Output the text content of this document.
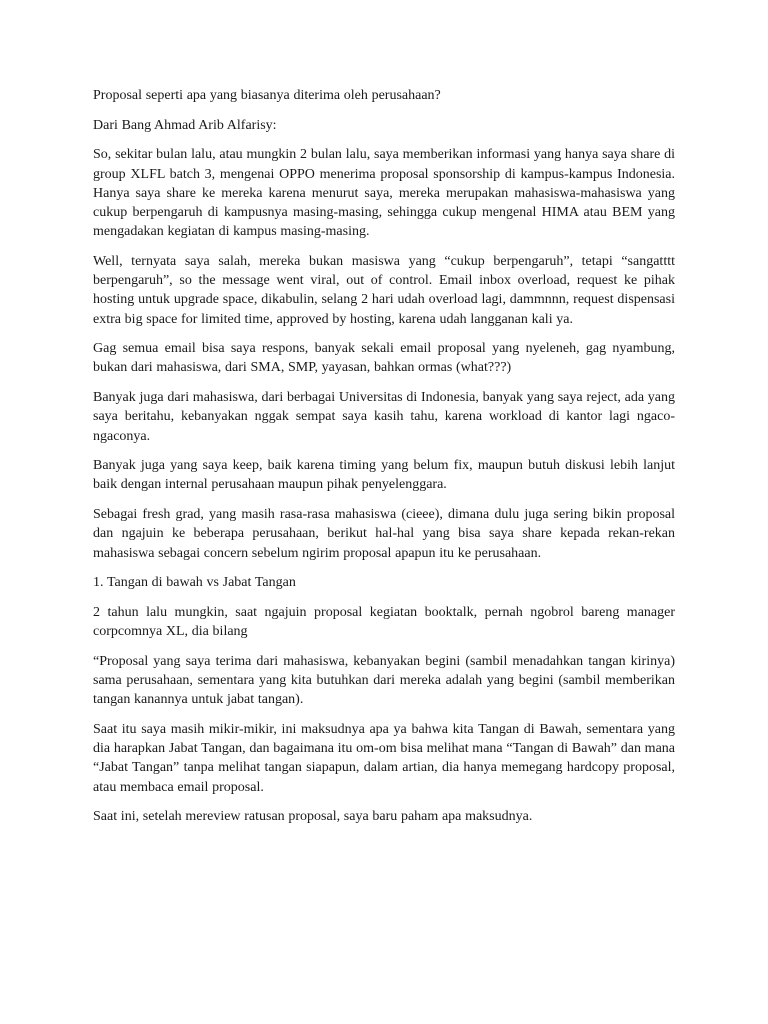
Proposal seperti apa yang biasanya diterima oleh perusahaan?

Dari Bang Ahmad Arib Alfarisy:

So, sekitar bulan lalu, atau mungkin 2 bulan lalu, saya memberikan informasi yang hanya saya share di group XLFL batch 3, mengenai OPPO menerima proposal sponsorship di kampus-kampus Indonesia. Hanya saya share ke mereka karena menurut saya, mereka merupakan mahasiswa-mahasiswa yang cukup berpengaruh di kampusnya masing-masing, sehingga cukup mengenal HIMA atau BEM yang mengadakan kegiatan di kampus masing-masing.

Well, ternyata saya salah, mereka bukan masiswa yang “cukup berpengaruh”, tetapi “sangatttt berpengaruh”, so the message went viral, out of control. Email inbox overload, request ke pihak hosting untuk upgrade space, dikabulin, selang 2 hari udah overload lagi, dammnnn, request dispensasi extra big space for limited time, approved by hosting, karena udah langganan kali ya.

Gag semua email bisa saya respons, banyak sekali email proposal yang nyeleneh, gag nyambung, bukan dari mahasiswa, dari SMA, SMP, yayasan, bahkan ormas (what???)

Banyak juga dari mahasiswa, dari berbagai Universitas di Indonesia, banyak yang saya reject, ada yang saya beritahu, kebanyakan nggak sempat saya kasih tahu, karena workload di kantor lagi ngaco-ngaconya.

Banyak juga yang saya keep, baik karena timing yang belum fix, maupun butuh diskusi lebih lanjut baik dengan internal perusahaan maupun pihak penyelenggara.

Sebagai fresh grad, yang masih rasa-rasa mahasiswa (cieee), dimana dulu juga sering bikin proposal dan ngajuin ke beberapa perusahaan, berikut hal-hal yang bisa saya share kepada rekan-rekan mahasiswa sebagai concern sebelum ngirim proposal apapun itu ke perusahaan.

1. Tangan di bawah vs Jabat Tangan

2 tahun lalu mungkin, saat ngajuin proposal kegiatan booktalk, pernah ngobrol bareng manager corpcomnya XL, dia bilang

“Proposal yang saya terima dari mahasiswa, kebanyakan begini (sambil menadahkan tangan kirinya) sama perusahaan, sementara yang kita butuhkan dari mereka adalah yang begini (sambil memberikan tangan kanannya untuk jabat tangan).

Saat itu saya masih mikir-mikir, ini maksudnya apa ya bahwa kita Tangan di Bawah, sementara yang dia harapkan Jabat Tangan, dan bagaimana itu om-om bisa melihat mana “Tangan di Bawah” dan mana “Jabat Tangan” tanpa melihat tangan siapapun, dalam artian, dia hanya memegang hardcopy proposal, atau membaca email proposal.

Saat ini, setelah mereview ratusan proposal, saya baru paham apa maksudnya.
